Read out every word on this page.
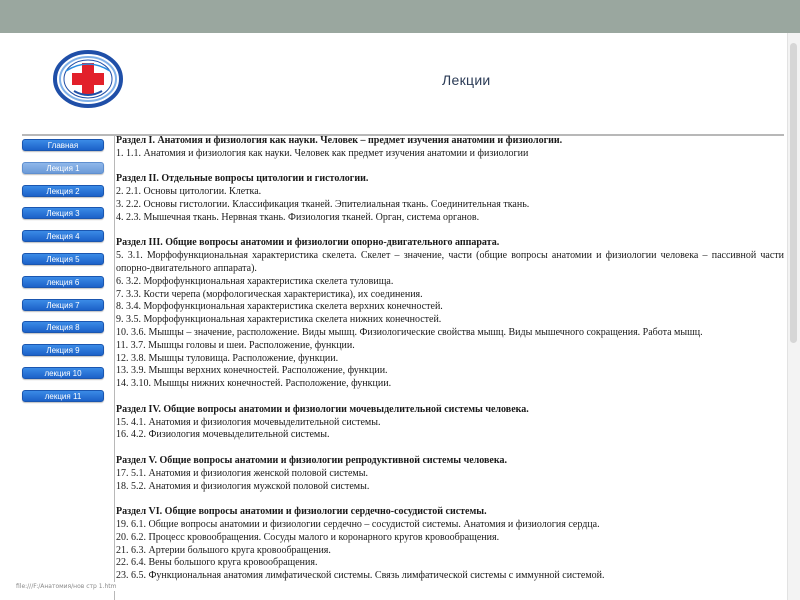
Лекции
Главная
Лекция 1
Лекция 2
Лекция 3
Лекция 4
Лекция 5
лекция 6
Лекция 7
Лекция 8
Лекция 9
лекция 10
лекция 11
Раздел I. Анатомия и физиология как науки. Человек – предмет изучения анатомии и физиологии.
1. 1.1. Анатомия и физиология как науки. Человек как предмет изучения анатомии и физиологии
Раздел II. Отдельные вопросы цитологии и гистологии.
2. 2.1. Основы цитологии. Клетка.
3. 2.2. Основы гистологии. Классификация тканей. Эпителиальная ткань. Соединительная ткань.
4. 2.3. Мышечная ткань. Нервная ткань. Физиология тканей. Орган, система органов.
Раздел III. Общие вопросы анатомии и физиологии опорно-двигательного аппарата.
5. 3.1. Морфофункциональная характеристика скелета. Скелет – значение, части (общие вопросы анатомии и физиологии человека – пассивной части опорно-двигательного аппарата).
6. 3.2. Морфофункциональная характеристика скелета туловища.
7. 3.3. Кости черепа (морфологическая характеристика), их соединения.
8. 3.4. Морфофункциональная характеристика скелета верхних конечностей.
9. 3.5. Морфофункциональная характеристика скелета нижних конечностей.
10. 3.6. Мышцы – значение, расположение. Виды мышц. Физиологические свойства мышц. Виды мышечного сокращения. Работа мышц.
11. 3.7. Мышцы головы и шеи. Расположение, функции.
12. 3.8. Мышцы туловища. Расположение, функции.
13. 3.9. Мышцы верхних конечностей. Расположение, функции.
14. 3.10. Мышцы нижних конечностей. Расположение, функции.
Раздел IV. Общие вопросы анатомии и физиологии мочевыделительной системы человека.
15. 4.1. Анатомия и физиология мочевыделительной системы.
16. 4.2. Физиология мочевыделительной системы.
Раздел V. Общие вопросы анатомии и физиологии репродуктивной системы человека.
17. 5.1. Анатомия и физиология женской половой системы.
18. 5.2. Анатомия и физиология мужской половой системы.
Раздел VI. Общие вопросы анатомии и физиологии сердечно-сосудистой системы.
19. 6.1. Общие вопросы анатомии и физиологии сердечно – сосудистой системы. Анатомия и физиология сердца.
20. 6.2. Процесс кровообращения. Сосуды малого и коронарного кругов кровообращения.
21. 6.3. Артерии большого круга кровообращения.
22. 6.4. Вены большого круга кровообращения.
23. 6.5. Функциональная анатомия лимфатической системы. Связь лимфатической системы с иммунной системой.
file:///F:/Анатомия/нов стр 1.htm
